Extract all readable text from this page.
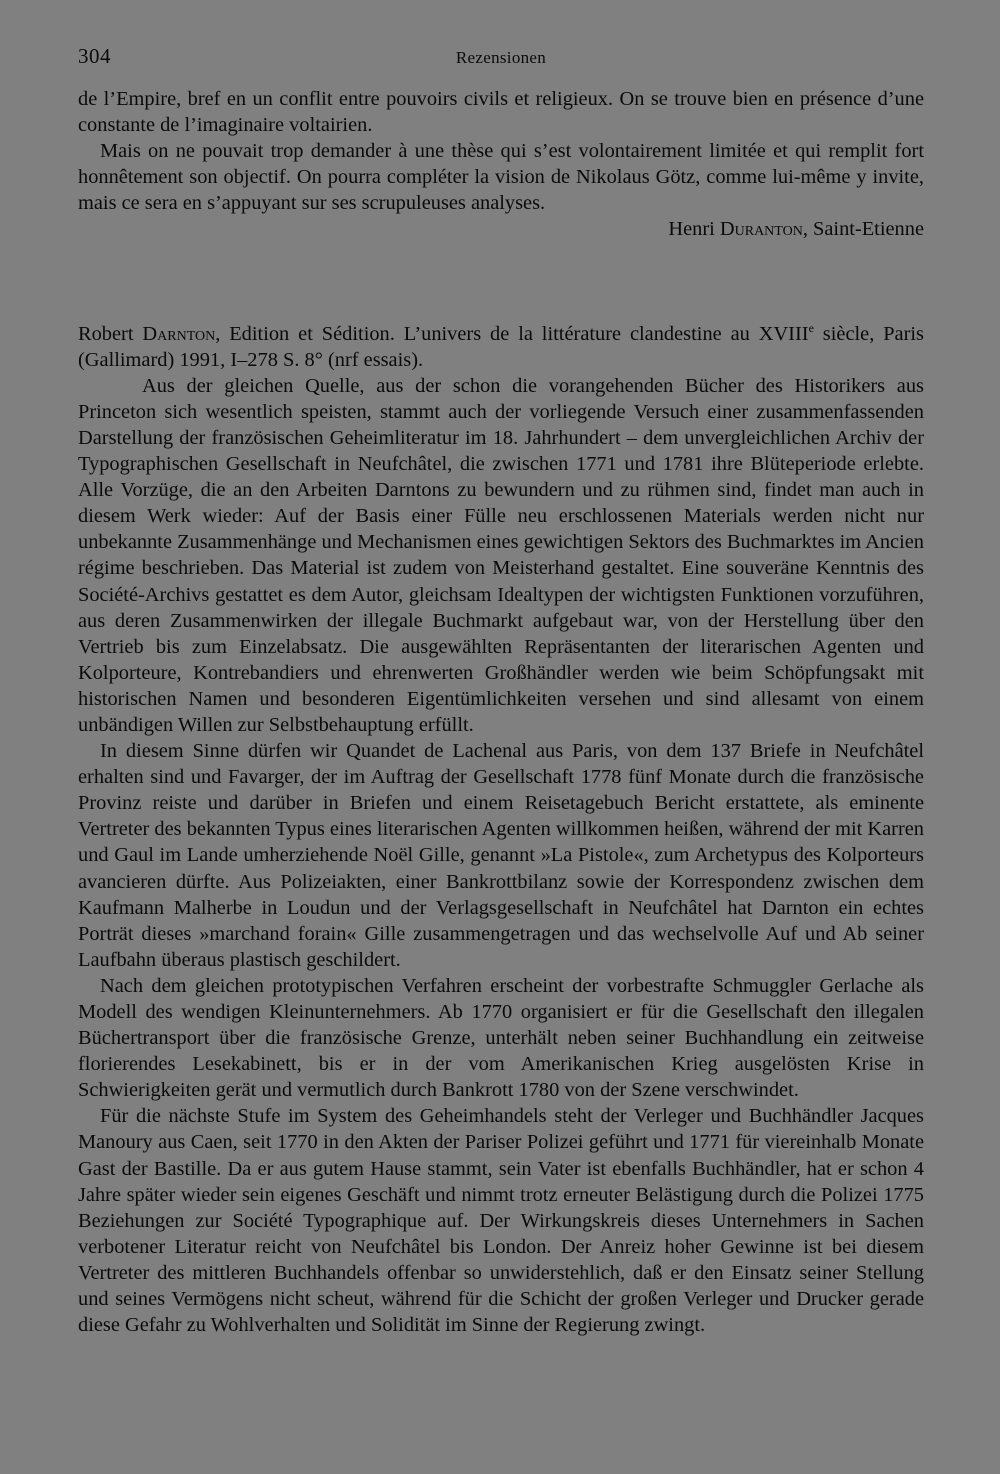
304	Rezensionen

de l’Empire, bref en un conflit entre pouvoirs civils et religieux. On se trouve bien en présence d’une constante de l’imaginaire voltairien.

Mais on ne pouvait trop demander à une thèse qui s’est volontairement limitée et qui remplit fort honnêtement son objectif. On pourra compléter la vision de Nikolaus Götz, comme lui-même y invite, mais ce sera en s’appuyant sur ses scrupuleuses analyses.

Henri Duranton, Saint-Etienne

Robert Darnton, Edition et Sédition. L’univers de la littérature clandestine au XVIIIe siècle, Paris (Gallimard) 1991, I–278 S. 8° (nrf essais).

Aus der gleichen Quelle, aus der schon die vorangehenden Bücher des Historikers aus Princeton sich wesentlich speisten, stammt auch der vorliegende Versuch einer zusammenfassenden Darstellung der französischen Geheimliteratur im 18. Jahrhundert – dem unvergleichlichen Archiv der Typographischen Gesellschaft in Neufchâtel, die zwischen 1771 und 1781 ihre Blüteperiode erlebte. Alle Vorzüge, die an den Arbeiten Darntons zu bewundern und zu rühmen sind, findet man auch in diesem Werk wieder: Auf der Basis einer Fülle neu erschlossenen Materials werden nicht nur unbekannte Zusammenhänge und Mechanismen eines gewichtigen Sektors des Buchmarktes im Ancien régime beschrieben. Das Material ist zudem von Meisterhand gestaltet. Eine souveräne Kenntnis des Société-Archivs gestattet es dem Autor, gleichsam Idealtypen der wichtigsten Funktionen vorzuführen, aus deren Zusammenwirken der illegale Buchmarkt aufgebaut war, von der Herstellung über den Vertrieb bis zum Einzelabsatz. Die ausgewählten Repräsentanten der literarischen Agenten und Kolporteure, Kontrebandiers und ehrenwerten Großhändler werden wie beim Schöpfungsakt mit historischen Namen und besonderen Eigentümlichkeiten versehen und sind allesamt von einem unbändigen Willen zur Selbstbehauptung erfüllt.

In diesem Sinne dürfen wir Quandet de Lachenal aus Paris, von dem 137 Briefe in Neufchâtel erhalten sind und Favarger, der im Auftrag der Gesellschaft 1778 fünf Monate durch die französische Provinz reiste und darüber in Briefen und einem Reisetagebuch Bericht erstattete, als eminente Vertreter des bekannten Typus eines literarischen Agenten willkommen heißen, während der mit Karren und Gaul im Lande umherziehende Noël Gille, genannt »La Pistole«, zum Archetypus des Kolporteurs avancieren dürfte. Aus Polizeiakten, einer Bankrottbilanz sowie der Korrespondenz zwischen dem Kaufmann Malherbe in Loudun und der Verlagsgesellschaft in Neufchâtel hat Darnton ein echtes Porträt dieses »marchand forain« Gille zusammengetragen und das wechselvolle Auf und Ab seiner Laufbahn überaus plastisch geschildert.

Nach dem gleichen prototypischen Verfahren erscheint der vorbestrafte Schmuggler Gerlache als Modell des wendigen Kleinunternehmers. Ab 1770 organisiert er für die Gesellschaft den illegalen Büchertransport über die französische Grenze, unterhält neben seiner Buchhandlung ein zeitweise florierendes Lesekabinett, bis er in der vom Amerikanischen Krieg ausgelösten Krise in Schwierigkeiten gerät und vermutlich durch Bankrott 1780 von der Szene verschwindet.

Für die nächste Stufe im System des Geheimhandels steht der Verleger und Buchhändler Jacques Manoury aus Caen, seit 1770 in den Akten der Pariser Polizei geführt und 1771 für viereinhalb Monate Gast der Bastille. Da er aus gutem Hause stammt, sein Vater ist ebenfalls Buchhändler, hat er schon 4 Jahre später wieder sein eigenes Geschäft und nimmt trotz erneuter Belästigung durch die Polizei 1775 Beziehungen zur Société Typographique auf. Der Wirkungskreis dieses Unternehmers in Sachen verbotener Literatur reicht von Neufchâtel bis London. Der Anreiz hoher Gewinne ist bei diesem Vertreter des mittleren Buchhandels offenbar so unwiderstehlich, daß er den Einsatz seiner Stellung und seines Vermögens nicht scheut, während für die Schicht der großen Verleger und Drucker gerade diese Gefahr zu Wohlverhalten und Solidität im Sinne der Regierung zwingt.
